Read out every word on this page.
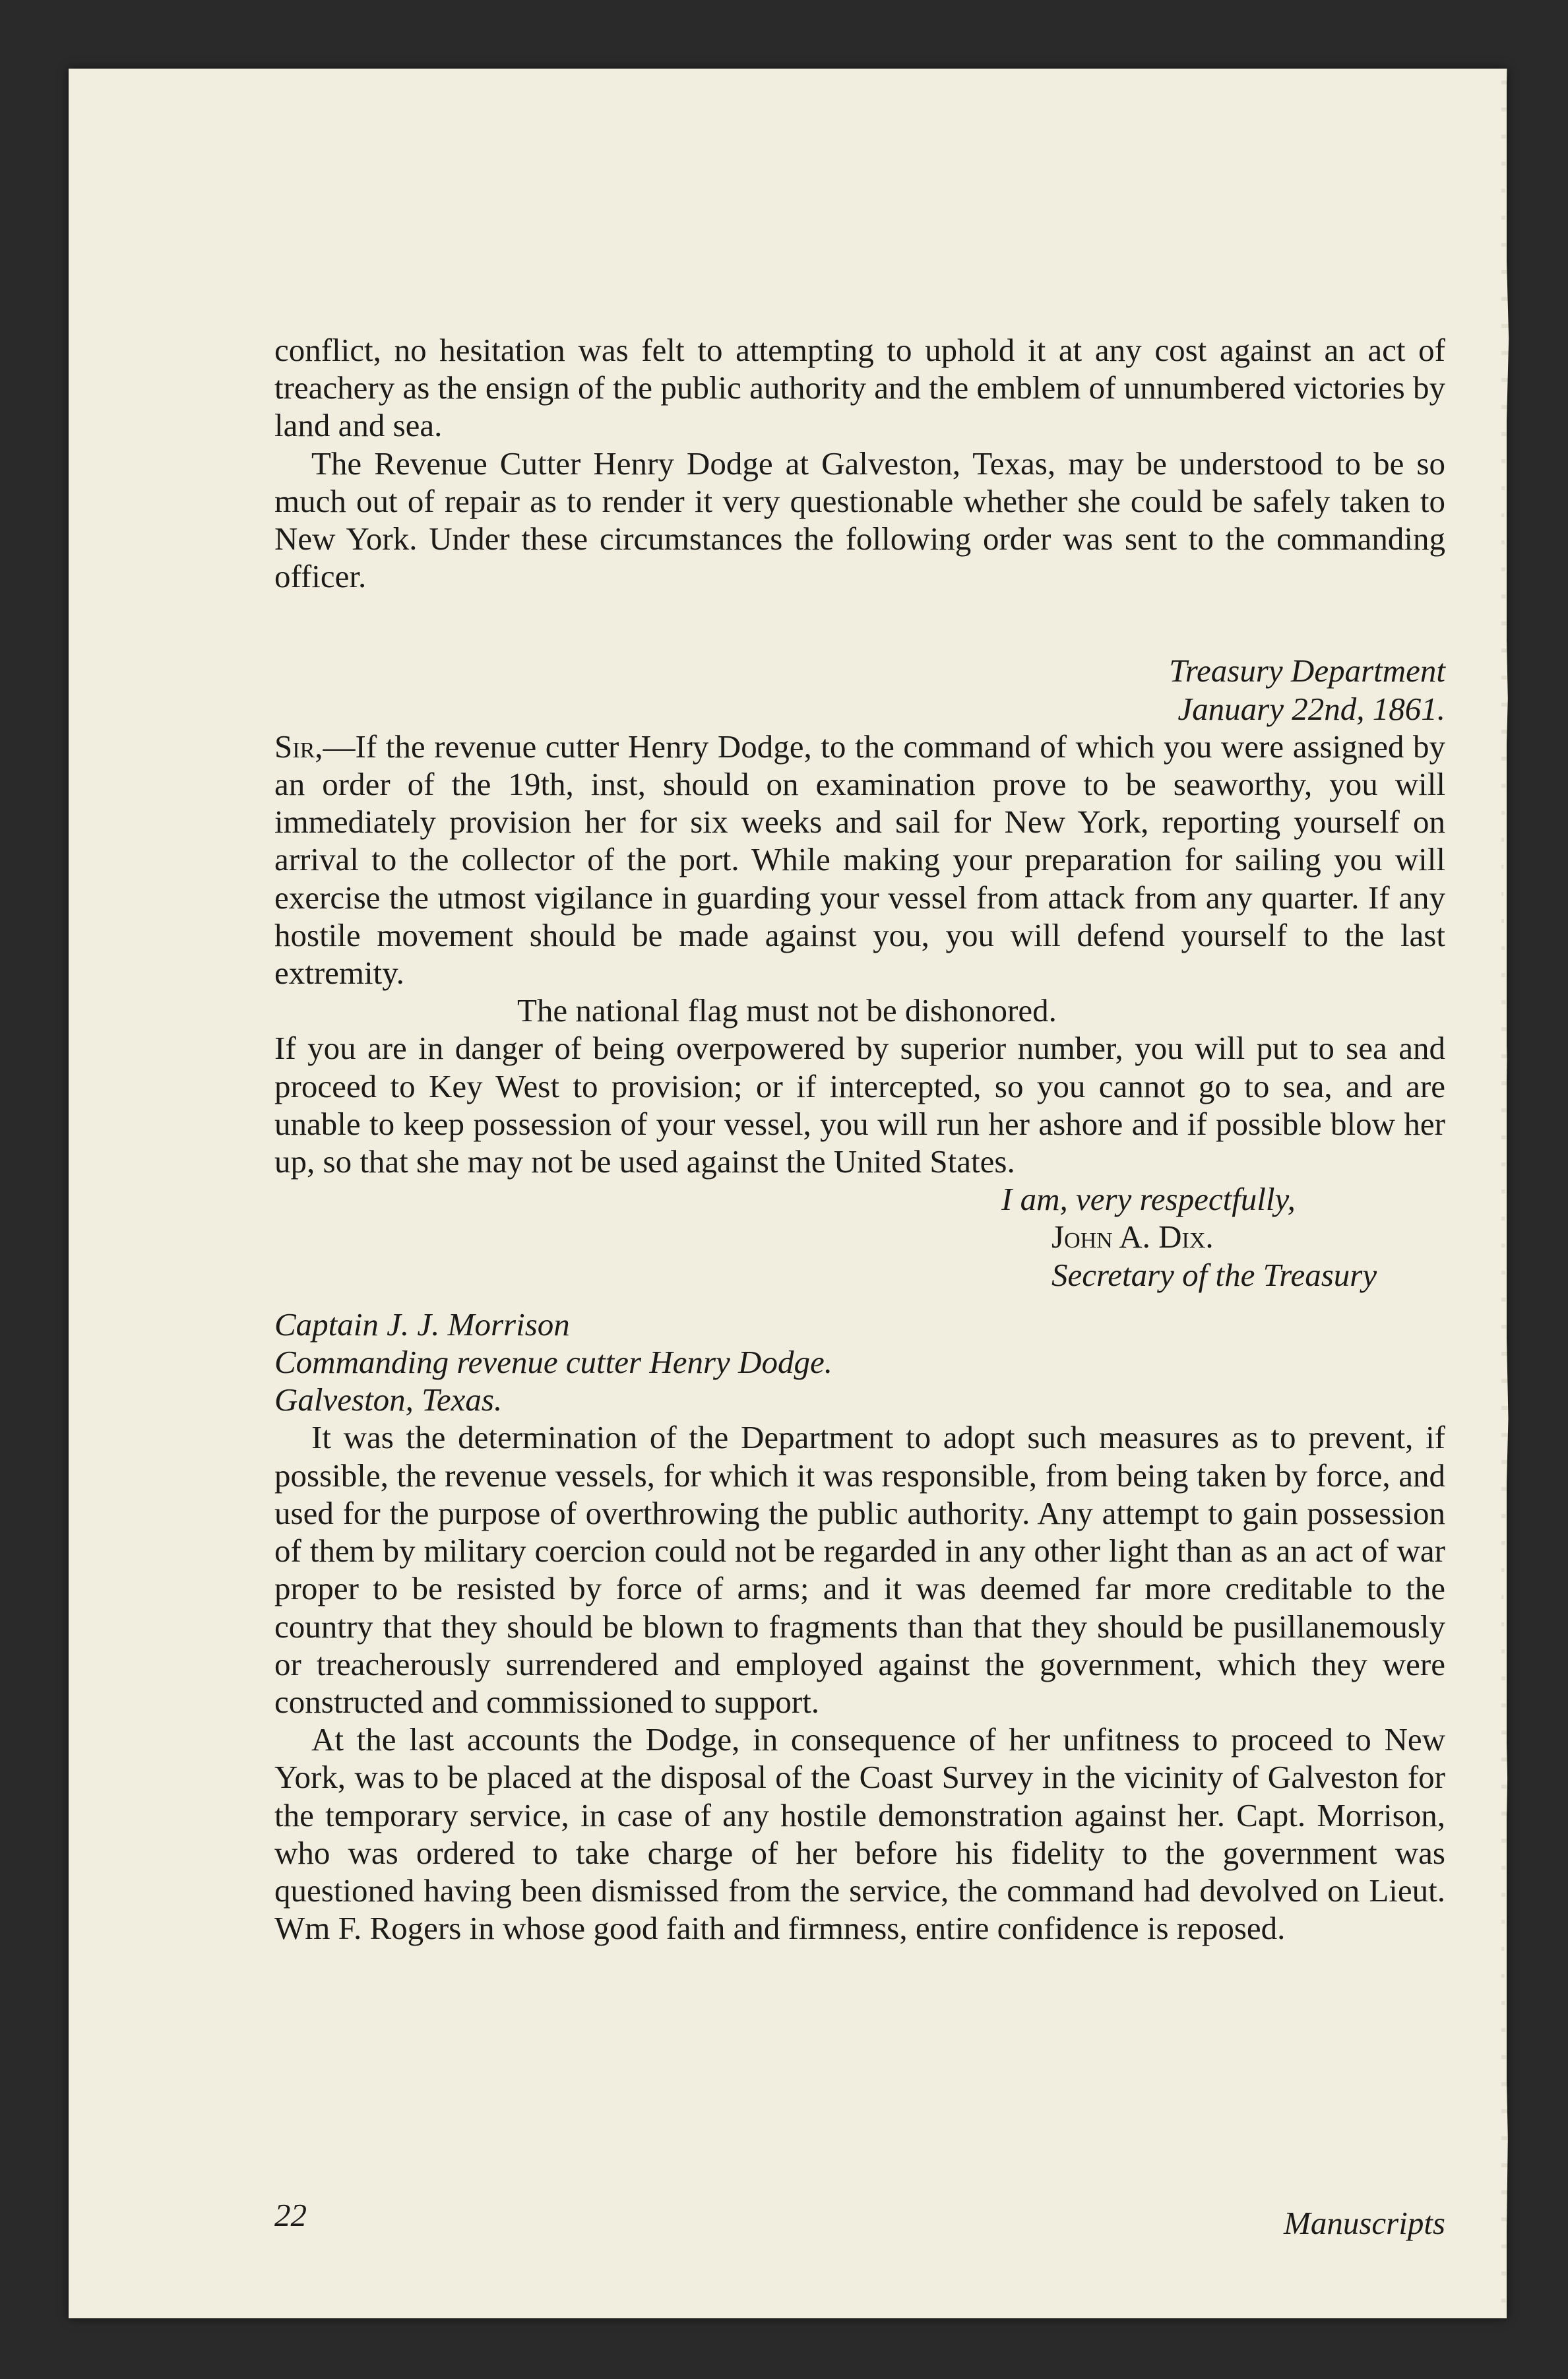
conflict, no hesitation was felt to attempting to uphold it at any cost against an act of treachery as the ensign of the public authority and the emblem of unnumbered victories by land and sea.

The Revenue Cutter Henry Dodge at Galveston, Texas, may be understood to be so much out of repair as to render it very questionable whether she could be safely taken to New York. Under these circumstances the following order was sent to the commanding officer.

Treasury Department

January 22nd, 1861.

Sir,—If the revenue cutter Henry Dodge, to the command of which you were assigned by an order of the 19th, inst, should on examination prove to be seaworthy, you will immediately provision her for six weeks and sail for New York, reporting yourself on arrival to the collector of the port. While making your preparation for sailing you will exercise the utmost vigilance in guarding your vessel from attack from any quarter. If any hostile movement should be made against you, you will defend yourself to the last extremity.

The national flag must not be dishonored.

If you are in danger of being overpowered by superior number, you will put to sea and proceed to Key West to provision; or if intercepted, so you cannot go to sea, and are unable to keep possession of your vessel, you will run her ashore and if possible blow her up, so that she may not be used against the United States.

I am, very respectfully,

John A. Dix.

Secretary of the Treasury

Captain J. J. Morrison

Commanding revenue cutter Henry Dodge.

Galveston, Texas.

It was the determination of the Department to adopt such measures as to prevent, if possible, the revenue vessels, for which it was responsible, from being taken by force, and used for the purpose of overthrowing the public authority. Any attempt to gain possession of them by military coercion could not be regarded in any other light than as an act of war proper to be resisted by force of arms; and it was deemed far more creditable to the country that they should be blown to fragments than that they should be pusillanemously or treacherously surrendered and employed against the government, which they were constructed and commissioned to support.

At the last accounts the Dodge, in consequence of her unfitness to proceed to New York, was to be placed at the disposal of the Coast Survey in the vicinity of Galveston for the temporary service, in case of any hostile demonstration against her. Capt. Morrison, who was ordered to take charge of her before his fidelity to the government was questioned having been dismissed from the service, the command had devolved on Lieut. Wm F. Rogers in whose good faith and firmness, entire confidence is reposed.

22	Manuscripts
